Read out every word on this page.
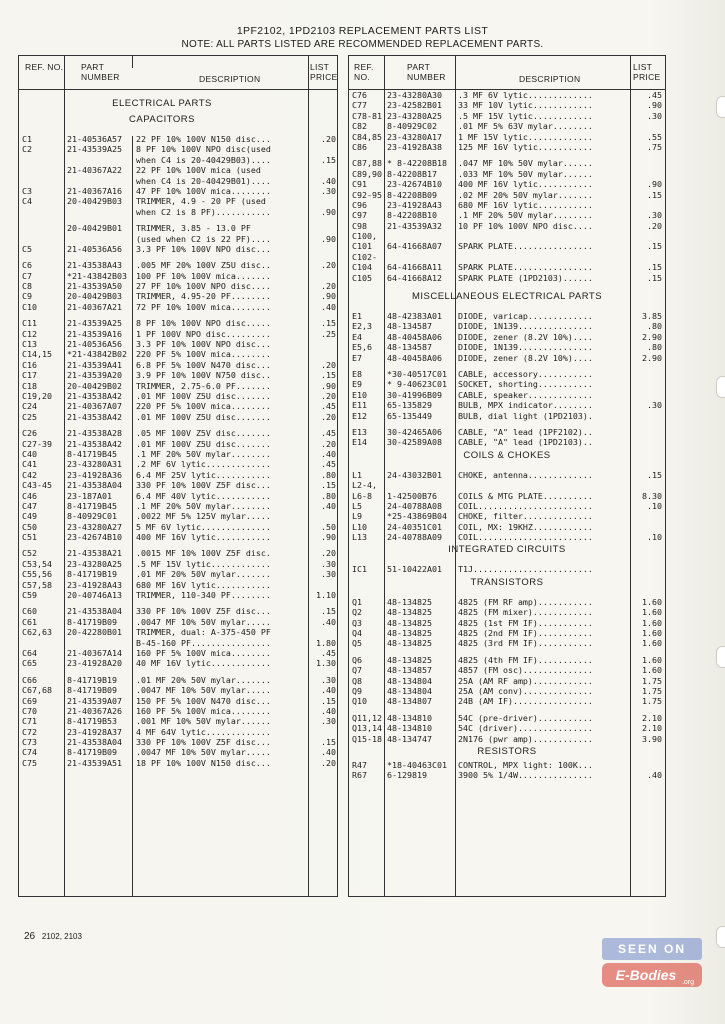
1PF2102, 1PD2103 REPLACEMENT PARTS LIST
NOTE: ALL PARTS LISTED ARE RECOMMENDED REPLACEMENT PARTS.
REF. NO. PART NUMBER	DESCRIPTION
LIST PRICE
ELECTRICAL PARTS
CAPACITORS
C1	21-40536A57	22 PF 10% 100V N150 disc...	.20
C2	21-43539A25	8 PF 10% 100V NPO disc(used
when C4 is 20-40429B03)....	.15
21-40367A22	22 PF 10% 100V mica (used
when C4 is 20-40429B01)....	.40
C3	21-40367A16	47 PF 10% 100V mica........	.30
C4	20-40429B03	TRIMMER, 4.9 - 20 PF (used
when C2 is 8 PF)...........	.90
20-40429B01	TRIMMER, 3.85 - 13.0 PF
(used when C2 is 22 PF)....	.90
C5	21-40536A56	3.3 PF 10% 100V NPO disc...
C6	21-43538A43	.005 MF 20% 100V Z5U disc..	.20
C7	*21-43842B03	100 PF 10% 100V mica.......
C8	21-43539A50	27 PF 10% 100V NPO disc....	.20
C9	20-40429B03	TRIMMER, 4.95-20 PF........	.90
C10	21-40367A21	72 PF 10% 100V mica........	.40
C11	21-43539A25	8 PF 10% 100V NPO disc.....	.15
C12	21-43539A16	1 PF 100V NPO disc.........	.25
C13	21-40536A56	3.3 PF 10% 100V NPO disc...
C14,15	*21-43842B02	220 PF 5% 100V mica........
C16	21-43539A41	6.8 PF 5% 100V N470 disc...	.20
C17	21-43539A20	3.9 PF 10% 100V N750 disc..	.15
C18	20-40429B02	TRIMMER, 2.75-6.0 PF.......	.90
C19,20	21-43538A42	.01 MF 100V Z5U disc.......	.20
C24	21-40367A07	220 PF 5% 100V mica........	.45
C25	21-43538A42	.01 MF 100V Z5U disc.......	.20
C26	21-43538A28	.05 MF 100V Z5V disc.......	.45
C27-39	21-43538A42	.01 MF 100V Z5U disc.......	.20
C40	8-41719B45	.1 MF 20% 50V mylar........	.40
C41	23-43280A31	.2 MF 6V lytic.............	.45
C42	23-41928A36	6.4 MF 25V lytic...........	.80
C43-45	21-43538A04	330 PF 10% 100V Z5F disc...	.15
C46	23-187A01	6.4 MF 40V lytic...........	.80
C47	8-41719B45	.1 MF 20% 50V mylar........	.40
C49	8-40929C01	.0022 MF 5% 125V mylar.....
C50	23-43280A27	5 MF 6V lytic..............	.50
C51	23-42674B10	400 MF 16V lytic...........	.90
C52	21-43538A21	.0015 MF 10% 100V Z5F disc.	.20
C53,54	23-43280A25	.5 MF 15V lytic............	.30
C55,56	8-41719B19	.01 MF 20% 50V mylar.......	.30
C57,58	23-41928A43	680 MF 16V lytic...........
C59	20-40746A13	TRIMMER, 110-340 PF........	1.10
C60	21-43538A04	330 PF 10% 100V Z5F disc...	.15
C61	8-41719B09	.0047 MF 10% 50V mylar.....	.40
C62,63	20-42280B01	TRIMMER, dual: A-375-450 PF
B-45-160 PF................	1.80
C64	21-40367A14	160 PF 5% 100V mica........	.45
C65	23-41928A20	40 MF 16V lytic............	1.30
C66	8-41719B19	.01 MF 20% 50V mylar.......	.30
C67,68	8-41719B09	.0047 MF 10% 50V mylar.....	.40
C69	21-43539A07	150 PF 5% 100V N470 disc...	.15
C70	21-40367A26	160 PF 5% 100V mica........	.40
C71	8-41719B53	.001 MF 10% 50V mylar......	.30
C72	23-41928A37	4 MF 64V lytic.............
C73	21-43538A04	330 PF 10% 100V Z5F disc...	.15
C74	8-41719B09	.0047 MF 10% 50V mylar.....	.40
C75	21-43539A51	18 PF 10% 100V N150 disc...	.20
REF. NO.
PART NUMBER	DESCRIPTION
LIST PRICE
C76	23-43280A30	.3 MF 6V lytic.............	.45
C77	23-42582B01	33 MF 10V lytic............	.90
C78-81 23-43280A25	.5 MF 15V lytic............	.30
C82	8-40929C02	.01 MF 5% 63V mylar........
C84,85 23-43280A17	1 MF 15V lytic.............	.55
C86	23-41928A38	125 MF 16V lytic...........	.75
C87,88 * 8-42208B18	.047 MF 10% 50V mylar......
C89,90 8-42208B17	.033 MF 10% 50V mylar......
C91	23-42674B10	400 MF 16V lytic...........	.90
C92-95 8-42208B09	.02 MF 20% 50V mylar.......	.15
C96	23-41928A43	680 MF 16V lytic...........
C97	8-42208B10	.1 MF 20% 50V mylar........	.30
C98	21-43539A32	10 PF 10% 100V NPO disc....	.20
C100,
C101	64-41668A07	SPARK PLATE................	.15
C102-
C104	64-41668A11	SPARK PLATE................	.15
C105	64-41668A12	SPARK PLATE (1PD2103)......	.15
MISCELLANEOUS ELECTRICAL PARTS
E1	48-42383A01	DIODE, varicap.............	3.85
E2,3	48-134587	DIODE, 1N139...............	.80
E4	48-40458A06	DIODE, zener (8.2V 10%)....	2.90
E5,6	48-134587	DIODE, 1N139...............	.80
E7	48-40458A06	DIODE, zener (8.2V 10%)....	2.90
E8	*30-40517C01	CABLE, accessory...........
E9	* 9-40623C01	SOCKET, shorting...........
E10	30-41996B09	CABLE, speaker.............
E11	65-135829	BULB, MPX indicator........	.30
E12	65-135449	BULB, dial light (1PD2103).
E13	30-42465A06	CABLE, "A" lead (1PF2102)..
E14	30-42589A08	CABLE, "A" lead (1PD2103)..
COILS & CHOKES
L1	24-43032B01	CHOKE, antenna.............	.15
L2-4,
L6-8	1-42500B76	COILS & MTG PLATE..........	8.30
L5	24-40788A08	COIL.......................	.10
L9	*25-43869B04	CHOKE, filter..............
L10	24-40351C01	COIL, MX: 19KHZ............
L13	24-40788A09	COIL.......................	.10
INTEGRATED CIRCUITS
IC1	51-10422A01	T1J........................
TRANSISTORS
Q1	48-134825	4825 (FM RF amp)...........	1.60
Q2	48-134825	4825 (FM mixer)............	1.60
Q3	48-134825	4825 (1st FM IF)...........	1.60
Q4	48-134825	4825 (2nd FM IF)...........	1.60
Q5	48-134825	4825 (3rd FM IF)...........	1.60
Q6	48-134825	4825 (4th FM IF)...........	1.60
Q7	48-134857	4857 (FM osc)..............	1.60
Q8	48-134804	25A (AM RF amp)............	1.75
Q9	48-134804	25A (AM conv)..............	1.75
Q10	48-134807	24B (AM IF)................	1.75
Q11,12 48-134810	54C (pre-driver)...........	2.10
Q13,14 48-134810	54C (driver)...............	2.10
Q15-18 48-134747	2N176 (pwr amp)............	3.90
RESISTORS
R47	*18-40463C01	CONTROL, MPX light: 100K...
R67	6-129819	3900 5% 1/4W...............	.40
26 2102, 2103
SEEN ON
E-Bodies .org
